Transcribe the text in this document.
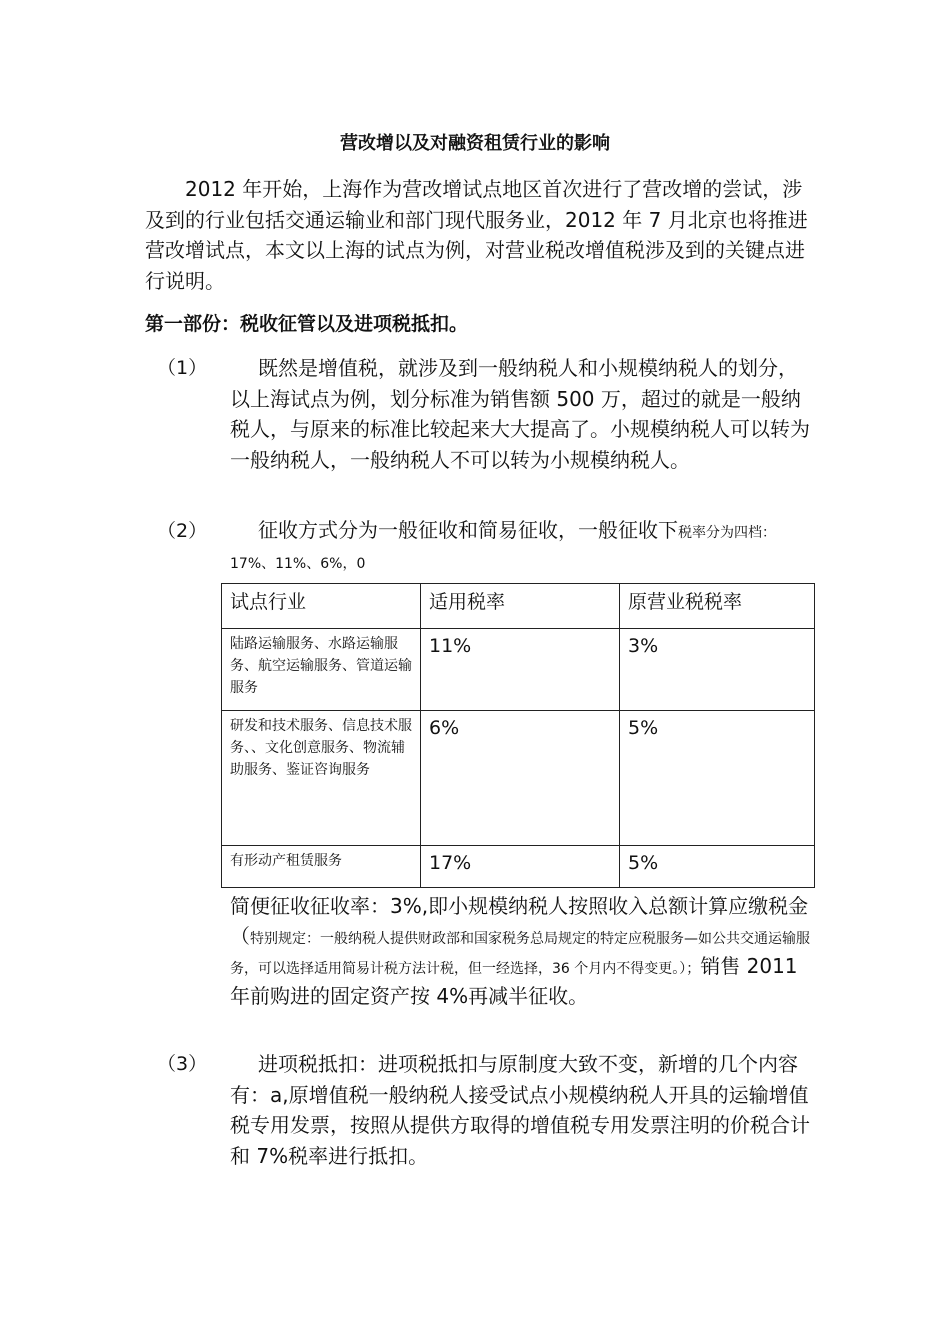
营改增以及对融资租赁行业的影响

2012 年开始，上海作为营改增试点地区首次进行了营改增的尝试，涉及到的行业包括交通运输业和部门现代服务业，2012 年 7 月北京也将推进营改增试点，本文以上海的试点为例，对营业税改增值税涉及到的关键点进行说明。

第一部份：税收征管以及进项税抵扣。

（1）	既然是增值税，就涉及到一般纳税人和小规模纳税人的划分，以上海试点为例，划分标准为销售额 500 万，超过的就是一般纳税人，与原来的标准比较起来大大提高了。小规模纳税人可以转为一般纳税人，一般纳税人不可以转为小规模纳税人。

（2）	征收方式分为一般征收和简易征收，一般征收下税率分为四档：17%、11%、6%，0

试点行业	适用税率	原营业税税率
陆路运输服务、水路运输服务、航空运输服务、管道运输服务	11%	3%
研发和技术服务、信息技术服务、、文化创意服务、物流辅助服务、鉴证咨询服务	6%	5%
有形动产租赁服务	17%	5%

简便征收征收率：3%,即小规模纳税人按照收入总额计算应缴税金（特别规定：一般纳税人提供财政部和国家税务总局规定的特定应税服务—如公共交通运输服务，可以选择适用简易计税方法计税，但一经选择，36 个月内不得变更。）；销售 2011 年前购进的固定资产按 4%再减半征收。

（3）	进项税抵扣：进项税抵扣与原制度大致不变，新增的几个内容有：a,原增值税一般纳税人接受试点小规模纳税人开具的运输增值税专用发票，按照从提供方取得的增值税专用发票注明的价税合计和 7%税率进行抵扣。
